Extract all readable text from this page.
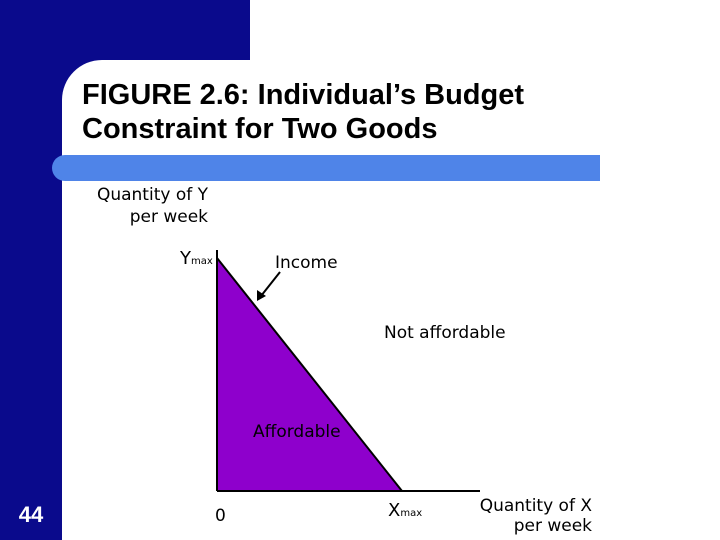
FIGURE 2.6: Individual’s Budget Constraint for Two Goods
44
Quantity of Y per week
Quantity of X per week
Ymax
Xmax
Income
Not affordable
Affordable
0
